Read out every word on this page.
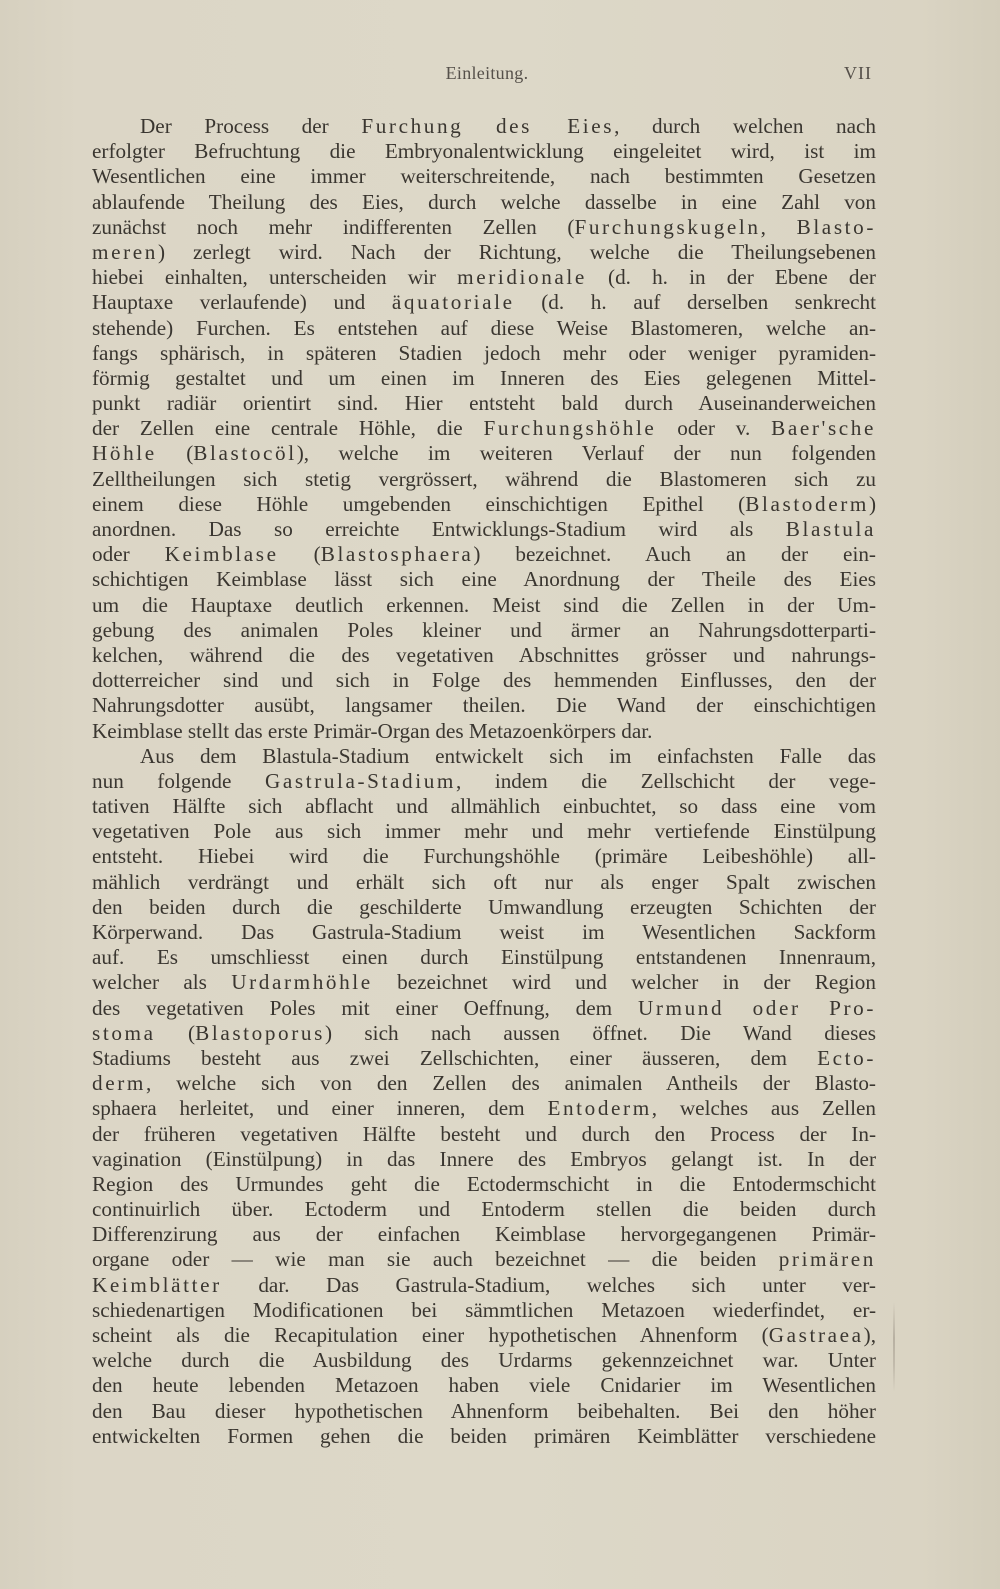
Einleitung.	VII
Der Process der Furchung des Eies, durch welchen nach
erfolgter Befruchtung die Embryonalentwicklung eingeleitet wird, ist im
Wesentlichen eine immer weiterschreitende, nach bestimmten Gesetzen
ablaufende Theilung des Eies, durch welche dasselbe in eine Zahl von
zunächst noch mehr indifferenten Zellen (Furchungskugeln, Blasto-
meren) zerlegt wird. Nach der Richtung, welche die Theilungsebenen
hiebei einhalten, unterscheiden wir meridionale (d. h. in der Ebene der
Hauptaxe verlaufende) und äquatoriale (d. h. auf derselben senkrecht
stehende) Furchen. Es entstehen auf diese Weise Blastomeren, welche an-
fangs sphärisch, in späteren Stadien jedoch mehr oder weniger pyramiden-
förmig gestaltet und um einen im Inneren des Eies gelegenen Mittel-
punkt radiär orientirt sind. Hier entsteht bald durch Auseinanderweichen
der Zellen eine centrale Höhle, die Furchungshöhle oder v. Baer'sche
Höhle (Blastocöl), welche im weiteren Verlauf der nun folgenden
Zelltheilungen sich stetig vergrössert, während die Blastomeren sich zu
einem diese Höhle umgebenden einschichtigen Epithel (Blastoderm)
anordnen. Das so erreichte Entwicklungs-Stadium wird als Blastula
oder Keimblase (Blastosphaera) bezeichnet. Auch an der ein-
schichtigen Keimblase lässt sich eine Anordnung der Theile des Eies
um die Hauptaxe deutlich erkennen. Meist sind die Zellen in der Um-
gebung des animalen Poles kleiner und ärmer an Nahrungsdotterparti-
kelchen, während die des vegetativen Abschnittes grösser und nahrungs-
dotterreicher sind und sich in Folge des hemmenden Einflusses, den der
Nahrungsdotter ausübt, langsamer theilen. Die Wand der einschichtigen
Keimblase stellt das erste Primär-Organ des Metazoenkörpers dar.
Aus dem Blastula-Stadium entwickelt sich im einfachsten Falle das
nun folgende Gastrula-Stadium, indem die Zellschicht der vege-
tativen Hälfte sich abflacht und allmählich einbuchtet, so dass eine vom
vegetativen Pole aus sich immer mehr und mehr vertiefende Einstülpung
entsteht. Hiebei wird die Furchungshöhle (primäre Leibeshöhle) all-
mählich verdrängt und erhält sich oft nur als enger Spalt zwischen
den beiden durch die geschilderte Umwandlung erzeugten Schichten der
Körperwand. Das Gastrula-Stadium weist im Wesentlichen Sackform
auf. Es umschliesst einen durch Einstülpung entstandenen Innenraum,
welcher als Urdarmhöhle bezeichnet wird und welcher in der Region
des vegetativen Poles mit einer Oeffnung, dem Urmund oder Pro-
stoma (Blastoporus) sich nach aussen öffnet. Die Wand dieses
Stadiums besteht aus zwei Zellschichten, einer äusseren, dem Ecto-
derm, welche sich von den Zellen des animalen Antheils der Blasto-
sphaera herleitet, und einer inneren, dem Entoderm, welches aus Zellen
der früheren vegetativen Hälfte besteht und durch den Process der In-
vagination (Einstülpung) in das Innere des Embryos gelangt ist. In der
Region des Urmundes geht die Ectodermschicht in die Entodermschicht
continuirlich über. Ectoderm und Entoderm stellen die beiden durch
Differenzirung aus der einfachen Keimblase hervorgegangenen Primär-
organe oder — wie man sie auch bezeichnet — die beiden primären
Keimblätter dar. Das Gastrula-Stadium, welches sich unter ver-
schiedenartigen Modificationen bei sämmtlichen Metazoen wiederfindet, er-
scheint als die Recapitulation einer hypothetischen Ahnenform (Gastraea),
welche durch die Ausbildung des Urdarms gekennzeichnet war. Unter
den heute lebenden Metazoen haben viele Cnidarier im Wesentlichen
den Bau dieser hypothetischen Ahnenform beibehalten. Bei den höher
entwickelten Formen gehen die beiden primären Keimblätter verschiedene
